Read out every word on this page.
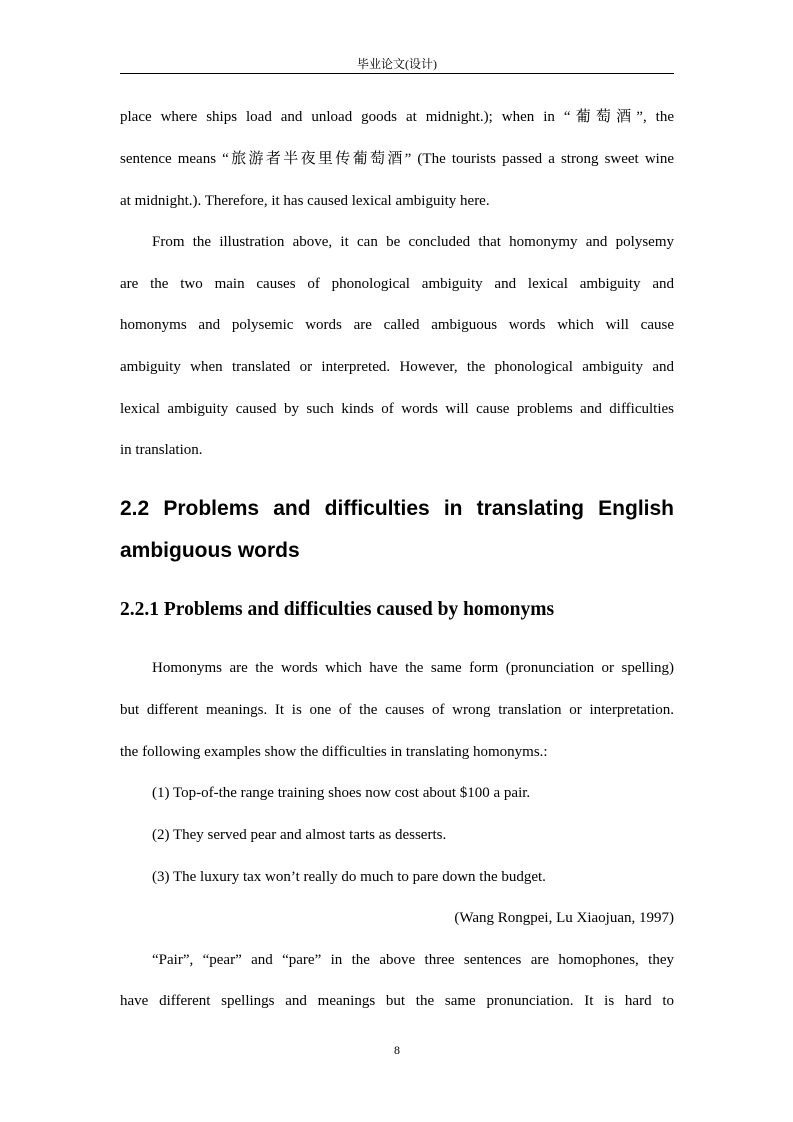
毕业论文(设计)
place where ships load and unload goods at midnight.); when in “葡萄酒”, the
sentence means “旅游者半夜里传葡萄酒” (The tourists passed a strong sweet wine
at midnight.). Therefore, it has caused lexical ambiguity here.
From the illustration above, it can be concluded that homonymy and polysemy
are the two main causes of phonological ambiguity and lexical ambiguity and
homonyms and polysemic words are called ambiguous words which will cause
ambiguity when translated or interpreted. However, the phonological ambiguity and
lexical ambiguity caused by such kinds of words will cause problems and difficulties
in translation.
2.2 Problems and difficulties in translating English
ambiguous words
2.2.1 Problems and difficulties caused by homonyms
Homonyms are the words which have the same form (pronunciation or spelling)
but different meanings. It is one of the causes of wrong translation or interpretation.
the following examples show the difficulties in translating homonyms.:
(1) Top-of-the range training shoes now cost about $100 a pair.
(2) They served pear and almost tarts as desserts.
(3) The luxury tax won’t really do much to pare down the budget.
(Wang Rongpei, Lu Xiaojuan, 1997)
“Pair”, “pear” and “pare” in the above three sentences are homophones, they
have different spellings and meanings but the same pronunciation. It is hard to
8
